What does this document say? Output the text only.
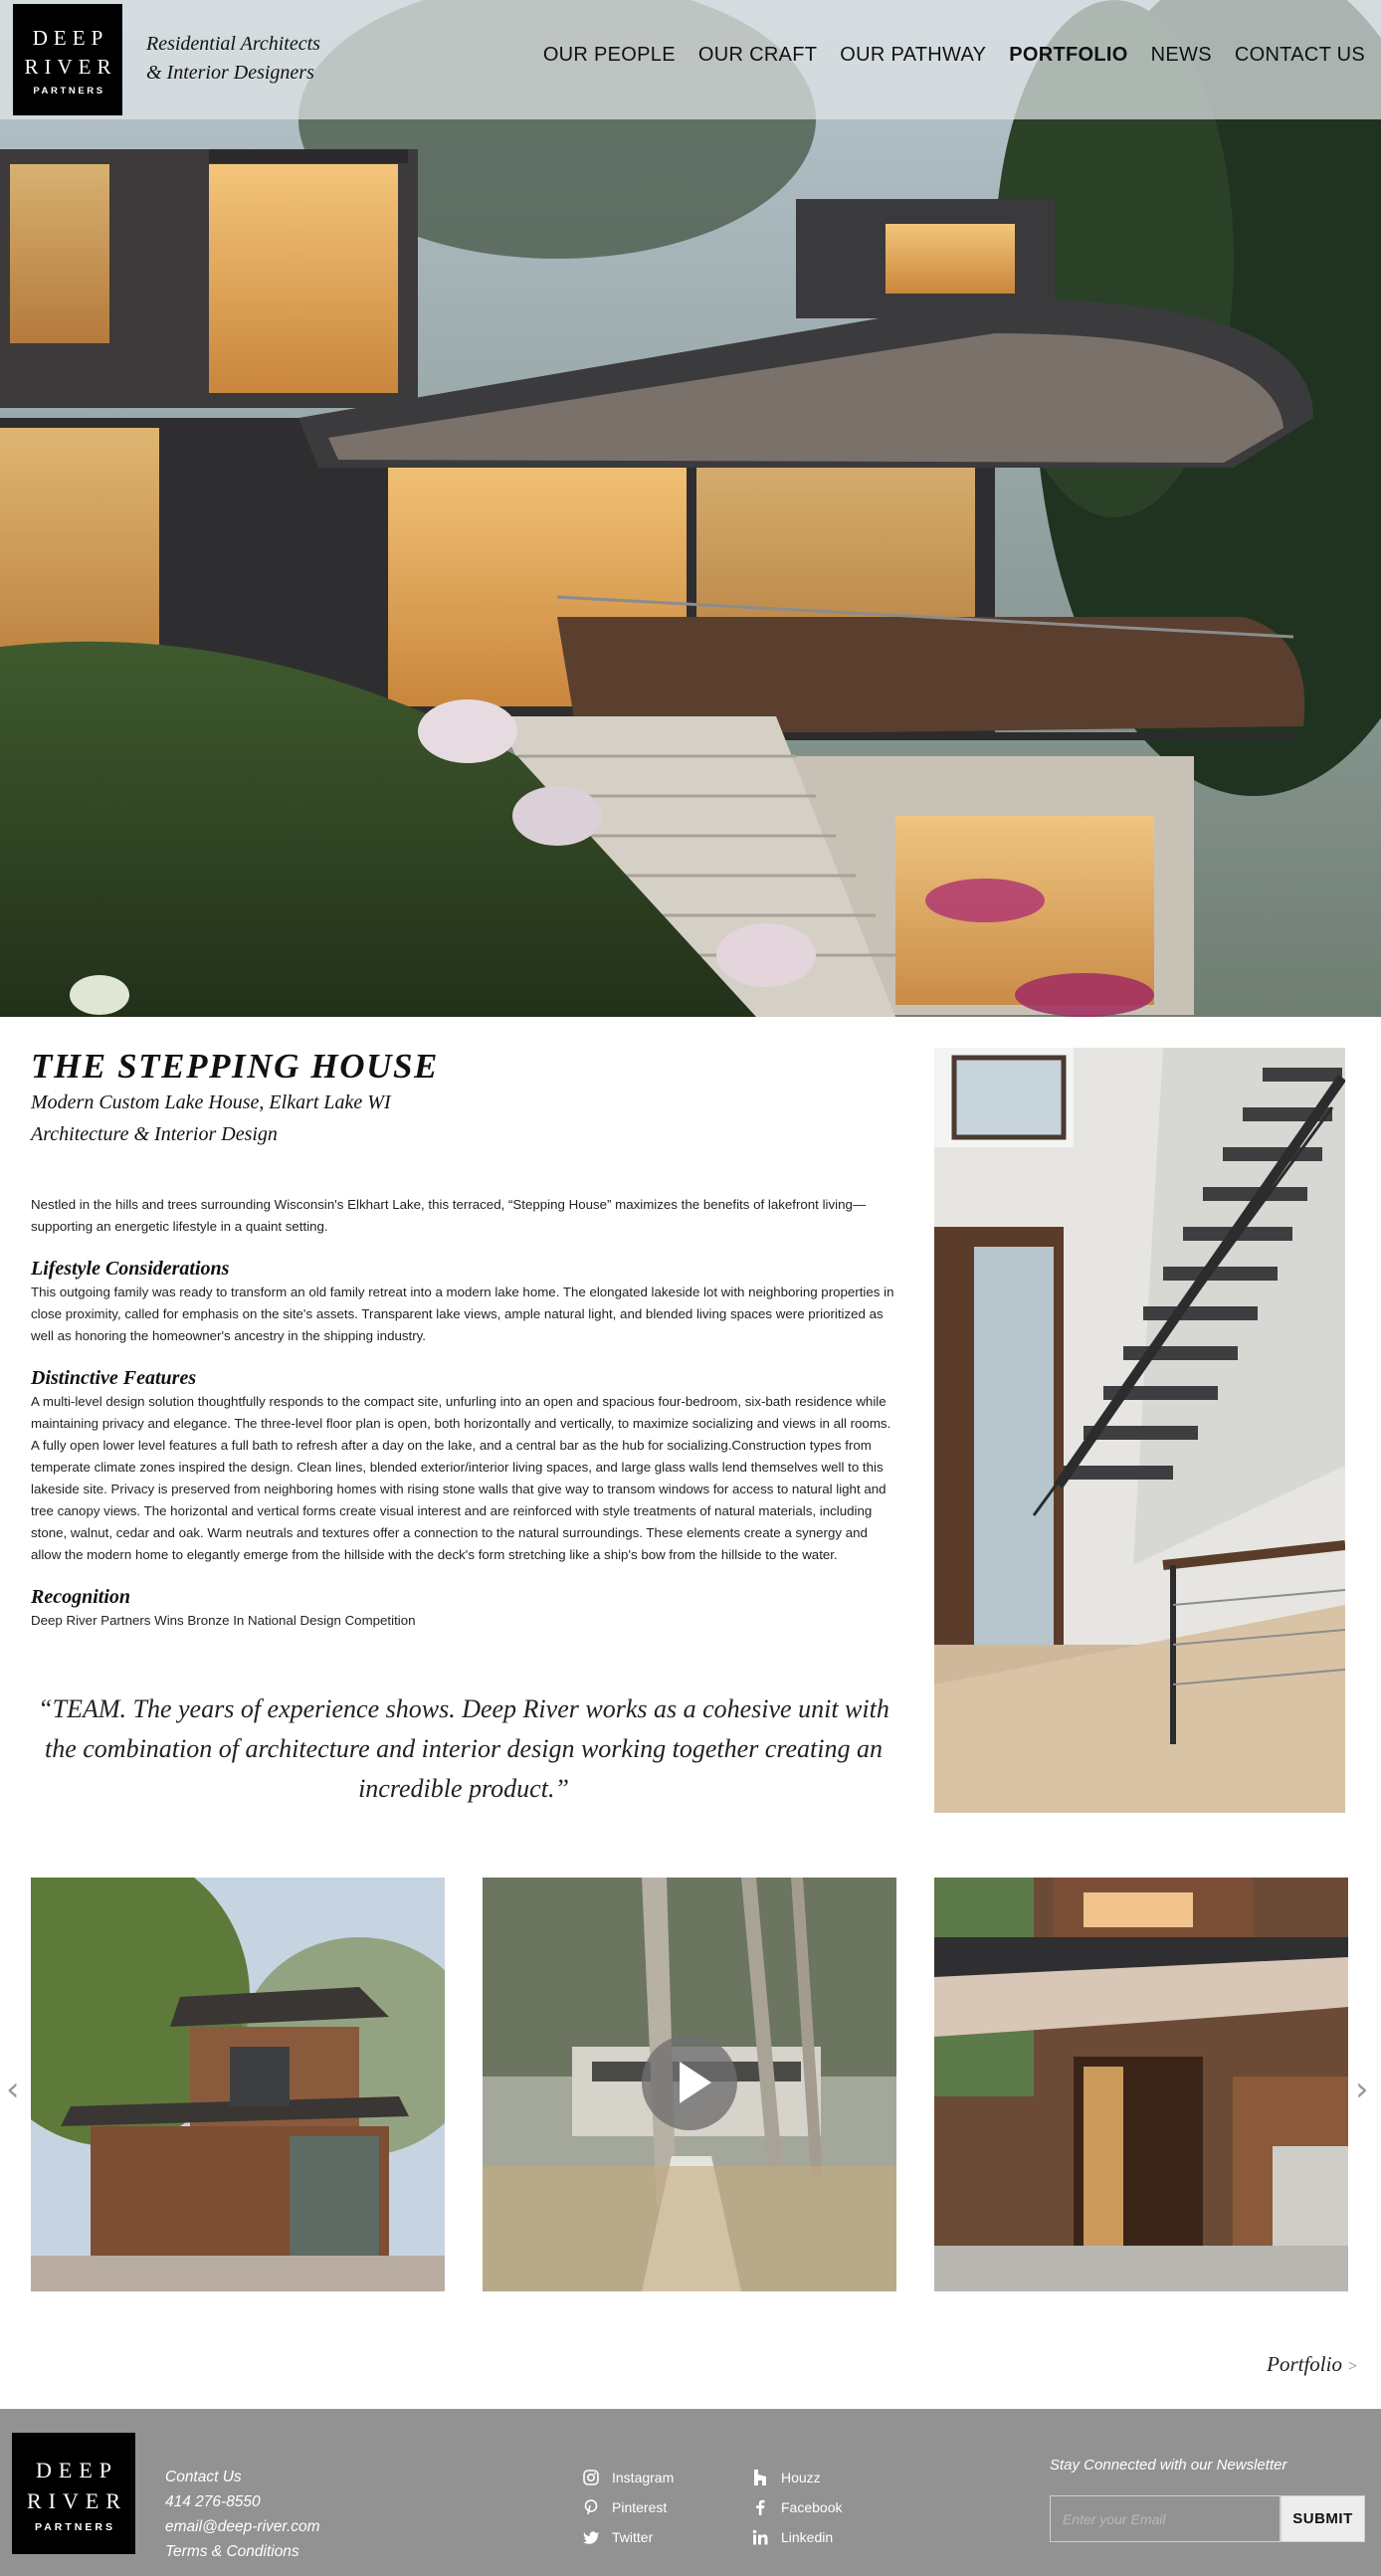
DEEP
RIVER
PARTNERS
Residential Architects
& Interior Designers
OUR PEOPLE OUR CRAFT OUR PATHWAY PORTFOLIO NEWS CONTACT US
THE STEPPING HOUSE
Modern Custom Lake House, Elkart Lake WI
Architecture & Interior Design

Nestled in the hills and trees surrounding Wisconsin's Elkhart Lake, this terraced, “Stepping House” maximizes the benefits of lakefront living—supporting an energetic lifestyle in a quaint setting.

Lifestyle Considerations

This outgoing family was ready to transform an old family retreat into a modern lake home. The elongated lakeside lot with neighboring properties in close proximity, called for emphasis on the site's assets. Transparent lake views, ample natural light, and blended living spaces were prioritized as well as honoring the homeowner's ancestry in the shipping industry.

Distinctive Features

A multi-level design solution thoughtfully responds to the compact site, unfurling into an open and spacious four-bedroom, six-bath residence while maintaining privacy and elegance. The three-level floor plan is open, both horizontally and vertically, to maximize socializing and views in all rooms. A fully open lower level features a full bath to refresh after a day on the lake, and a central bar as the hub for socializing.Construction types from temperate climate zones inspired the design. Clean lines, blended exterior/interior living spaces, and large glass walls lend themselves well to this lakeside site. Privacy is preserved from neighboring homes with rising stone walls that give way to transom windows for access to natural light and tree canopy views. The horizontal and vertical forms create visual interest and are reinforced with style treatments of natural materials, including stone, walnut, cedar and oak. Warm neutrals and textures offer a connection to the natural surroundings. These elements create a synergy and allow the modern home to elegantly emerge from the hillside with the deck's form stretching like a ship's bow from the hillside to the water.

Recognition

Deep River Partners Wins Bronze In National Design Competition

“TEAM. The years of experience shows. Deep River works as a cohesive unit with the combination of architecture and interior design working together creating an incredible product.”

‹	›
Portfolio >
DEEP
RIVER
PARTNERS
Contact Us
414 276-8550
email@deep-river.com
Terms & Conditions
Instagram
Pinterest
Twitter
Houzz
Facebook
Linkedin
Stay Connected with our Newsletter
Enter your Email
SUBMIT
